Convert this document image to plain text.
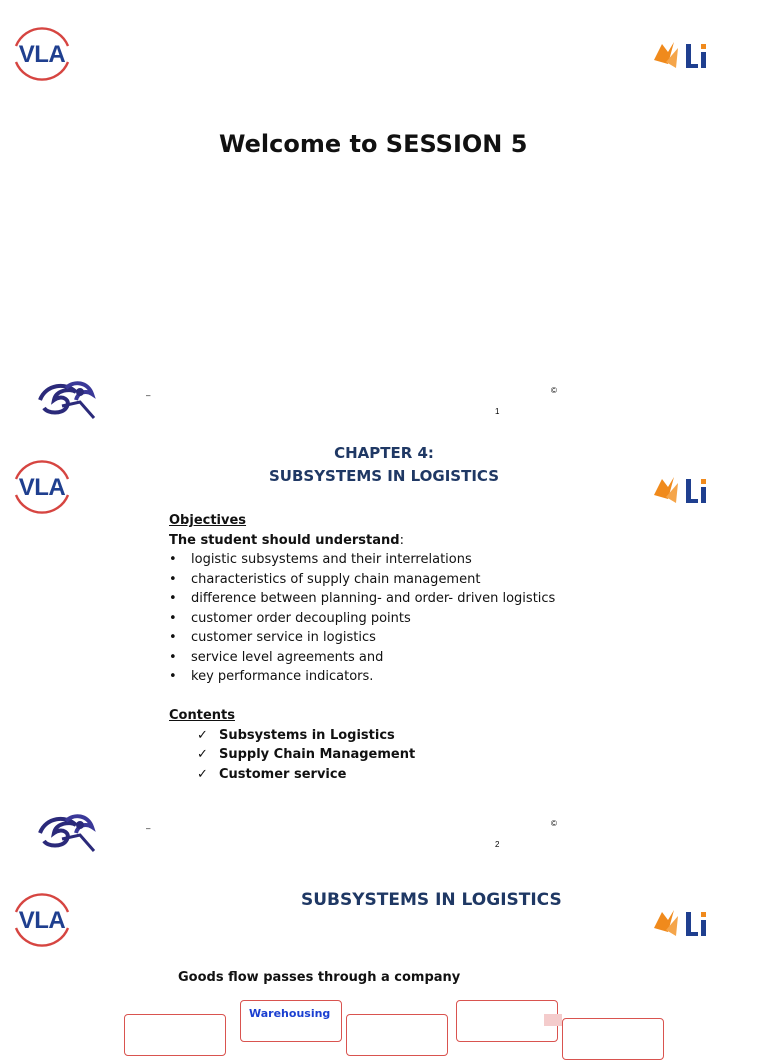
VLA
Welcome to SESSION 5
–
©
1
VLA
CHAPTER 4:
SUBSYSTEMS IN LOGISTICS
Objectives
The student should understand:
• logistic subsystems and their interrelations
• characteristics of supply chain management
• difference between planning- and order- driven logistics
• customer order decoupling points
• customer service in logistics
• service level agreements and
• key performance indicators.
Contents
✓ Subsystems in Logistics
✓ Supply Chain Management
✓ Customer service
–
©
2
VLA
SUBSYSTEMS IN LOGISTICS
Goods flow passes through a company
Warehousing
